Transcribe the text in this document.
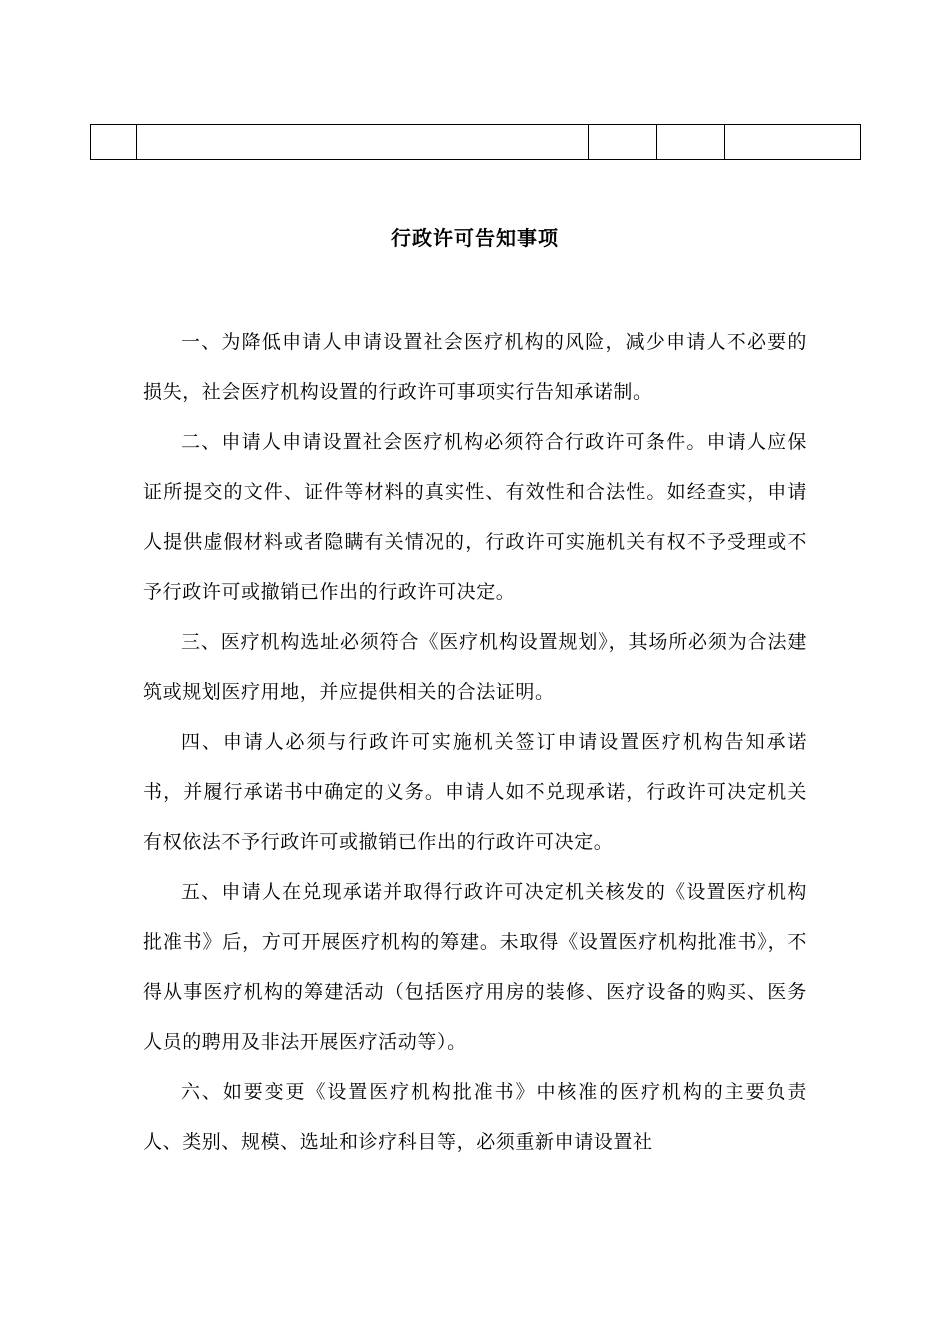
行政许可告知事项

一、为降低申请人申请设置社会医疗机构的风险，减少申请人不必要的损失，社会医疗机构设置的行政许可事项实行告知承诺制。

二、申请人申请设置社会医疗机构必须符合行政许可条件。申请人应保证所提交的文件、证件等材料的真实性、有效性和合法性。如经查实，申请人提供虚假材料或者隐瞒有关情况的，行政许可实施机关有权不予受理或不予行政许可或撤销已作出的行政许可决定。

三、医疗机构选址必须符合《医疗机构设置规划》，其场所必须为合法建筑或规划医疗用地，并应提供相关的合法证明。

四、申请人必须与行政许可实施机关签订申请设置医疗机构告知承诺书，并履行承诺书中确定的义务。申请人如不兑现承诺，行政许可决定机关有权依法不予行政许可或撤销已作出的行政许可决定。

五、申请人在兑现承诺并取得行政许可决定机关核发的《设置医疗机构批准书》后，方可开展医疗机构的筹建。未取得《设置医疗机构批准书》，不得从事医疗机构的筹建活动（包括医疗用房的装修、医疗设备的购买、医务人员的聘用及非法开展医疗活动等）。

六、如要变更《设置医疗机构批准书》中核准的医疗机构的主要负责人、类别、规模、选址和诊疗科目等，必须重新申请设置社
